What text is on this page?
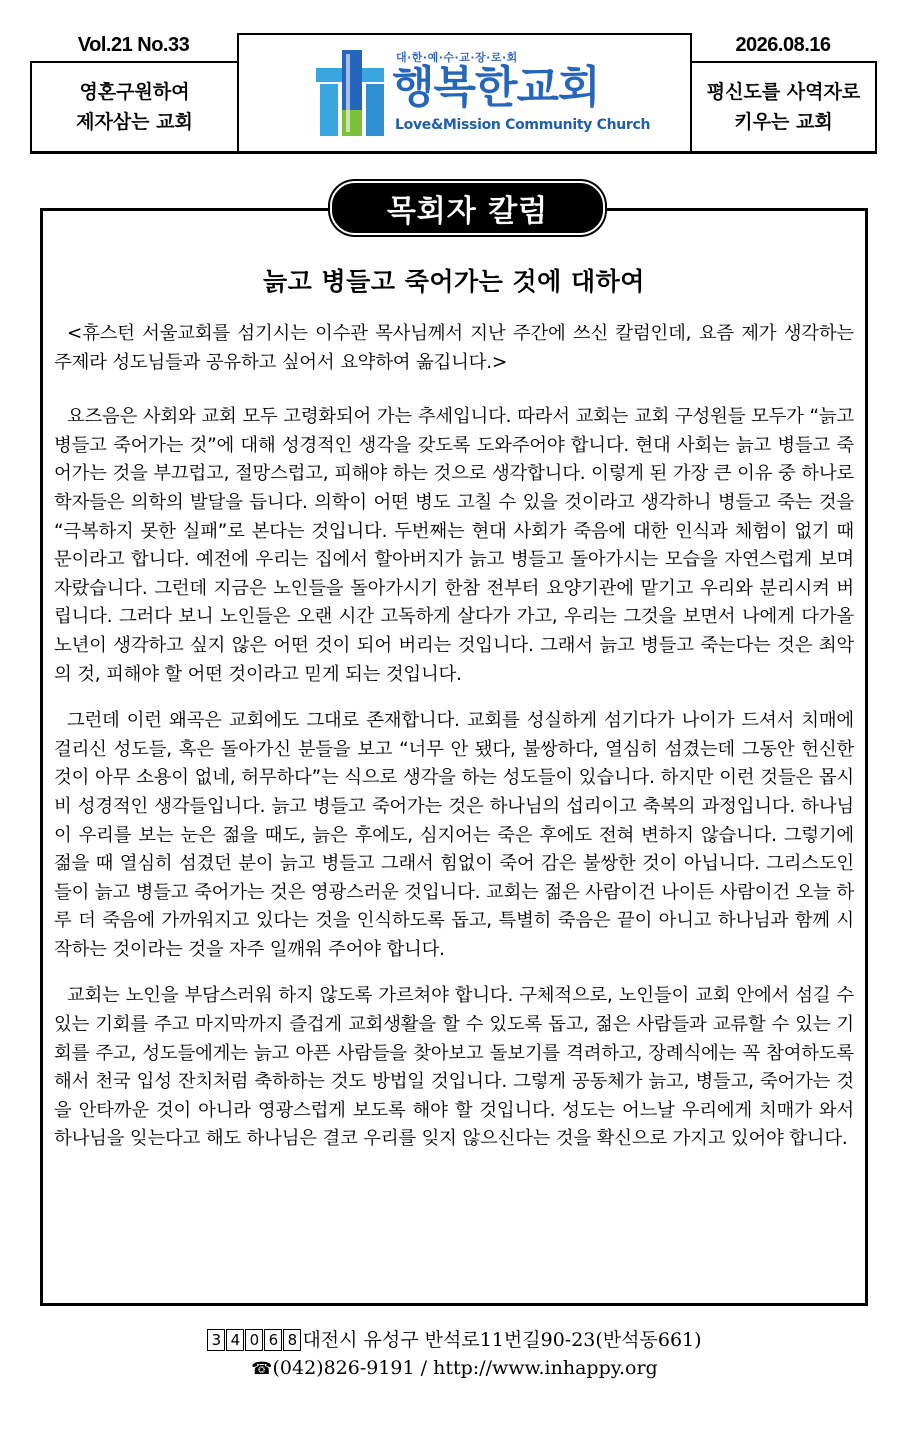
Vol.21 No.33	2026.08.16
영혼구원하여
제자삼는 교회
대·한·예·수·교·장·로·회
행복한교회
Love&Mission Community Church
평신도를 사역자로
키우는 교회
목회자 칼럼
늙고 병들고 죽어가는 것에 대하여

<휴스턴 서울교회를 섬기시는 이수관 목사님께서 지난 주간에 쓰신 칼럼인데, 요즘 제가 생각하는 주제라 성도님들과 공유하고 싶어서 요약하여 옮깁니다.>

요즈음은 사회와 교회 모두 고령화되어 가는 추세입니다. 따라서 교회는 교회 구성원들 모두가 “늙고 병들고 죽어가는 것”에 대해 성경적인 생각을 갖도록 도와주어야 합니다. 현대 사회는 늙고 병들고 죽어가는 것을 부끄럽고, 절망스럽고, 피해야 하는 것으로 생각합니다. 이렇게 된 가장 큰 이유 중 하나로 학자들은 의학의 발달을 듭니다. 의학이 어떤 병도 고칠 수 있을 것이라고 생각하니 병들고 죽는 것을 “극복하지 못한 실패”로 본다는 것입니다. 두번째는 현대 사회가 죽음에 대한 인식과 체험이 없기 때문이라고 합니다. 예전에 우리는 집에서 할아버지가 늙고 병들고 돌아가시는 모습을 자연스럽게 보며 자랐습니다. 그런데 지금은 노인들을 돌아가시기 한참 전부터 요양기관에 맡기고 우리와 분리시켜 버립니다. 그러다 보니 노인들은 오랜 시간 고독하게 살다가 가고, 우리는 그것을 보면서 나에게 다가올 노년이 생각하고 싶지 않은 어떤 것이 되어 버리는 것입니다. 그래서 늙고 병들고 죽는다는 것은 최악의 것, 피해야 할 어떤 것이라고 믿게 되는 것입니다.

그런데 이런 왜곡은 교회에도 그대로 존재합니다. 교회를 성실하게 섬기다가 나이가 드셔서 치매에 걸리신 성도들, 혹은 돌아가신 분들을 보고 “너무 안 됐다, 불쌍하다, 열심히 섬겼는데 그동안 헌신한 것이 아무 소용이 없네, 허무하다”는 식으로 생각을 하는 성도들이 있습니다. 하지만 이런 것들은 몹시 비 성경적인 생각들입니다. 늙고 병들고 죽어가는 것은 하나님의 섭리이고 축복의 과정입니다. 하나님이 우리를 보는 눈은 젊을 때도, 늙은 후에도, 심지어는 죽은 후에도 전혀 변하지 않습니다. 그렇기에 젊을 때 열심히 섬겼던 분이 늙고 병들고 그래서 힘없이 죽어 감은 불쌍한 것이 아닙니다. 그리스도인들이 늙고 병들고 죽어가는 것은 영광스러운 것입니다. 교회는 젊은 사람이건 나이든 사람이건 오늘 하루 더 죽음에 가까워지고 있다는 것을 인식하도록 돕고, 특별히 죽음은 끝이 아니고 하나님과 함께 시작하는 것이라는 것을 자주 일깨워 주어야 합니다.

교회는 노인을 부담스러워 하지 않도록 가르쳐야 합니다. 구체적으로, 노인들이 교회 안에서 섬길 수 있는 기회를 주고 마지막까지 즐겁게 교회생활을 할 수 있도록 돕고, 젊은 사람들과 교류할 수 있는 기회를 주고, 성도들에게는 늙고 아픈 사람들을 찾아보고 돌보기를 격려하고, 장례식에는 꼭 참여하도록 해서 천국 입성 잔치처럼 축하하는 것도 방법일 것입니다. 그렇게 공동체가 늙고, 병들고, 죽어가는 것을 안타까운 것이 아니라 영광스럽게 보도록 해야 할 것입니다. 성도는 어느날 우리에게 치매가 와서 하나님을 잊는다고 해도 하나님은 결코 우리를 잊지 않으신다는 것을 확신으로 가지고 있어야 합니다.

3 4 0 6 8 대전시 유성구 반석로11번길90-23(반석동661)
☎(042)826-9191 / http://www.inhappy.org
